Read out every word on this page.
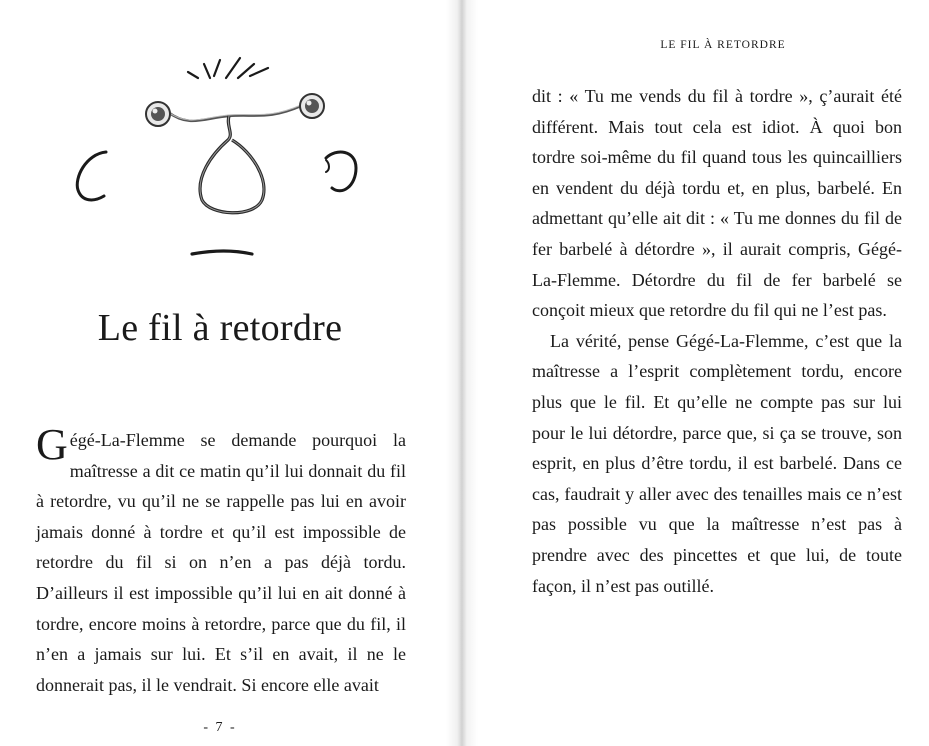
Le fil à retordre

Gégé-La-Flemme se demande pourquoi la maîtresse a dit ce matin qu’il lui donnait du fil à retordre, vu qu’il ne se rappelle pas lui en avoir jamais donné à tordre et qu’il est impossible de retordre du fil si on n’en a pas déjà tordu. D’ailleurs il est impossible qu’il lui en ait donné à tordre, encore moins à retordre, parce que du fil, il n’en a jamais sur lui. Et s’il en avait, il ne le donnerait pas, il le vendrait. Si encore elle avait

- 7 -
LE FIL À RETORDRE

dit : « Tu me vends du fil à tordre », ç’aurait été différent. Mais tout cela est idiot. À quoi bon tordre soi-même du fil quand tous les quincailliers en vendent du déjà tordu et, en plus, barbelé. En admettant qu’elle ait dit : « Tu me donnes du fil de fer barbelé à détordre », il aurait compris, Gégé-La-Flemme. Détordre du fil de fer barbelé se conçoit mieux que retordre du fil qui ne l’est pas.

La vérité, pense Gégé-La-Flemme, c’est que la maîtresse a l’esprit complètement tordu, encore plus que le fil. Et qu’elle ne compte pas sur lui pour le lui détordre, parce que, si ça se trouve, son esprit, en plus d’être tordu, il est barbelé. Dans ce cas, faudrait y aller avec des tenailles mais ce n’est pas possible vu que la maîtresse n’est pas à prendre avec des pincettes et que lui, de toute façon, il n’est pas outillé.
